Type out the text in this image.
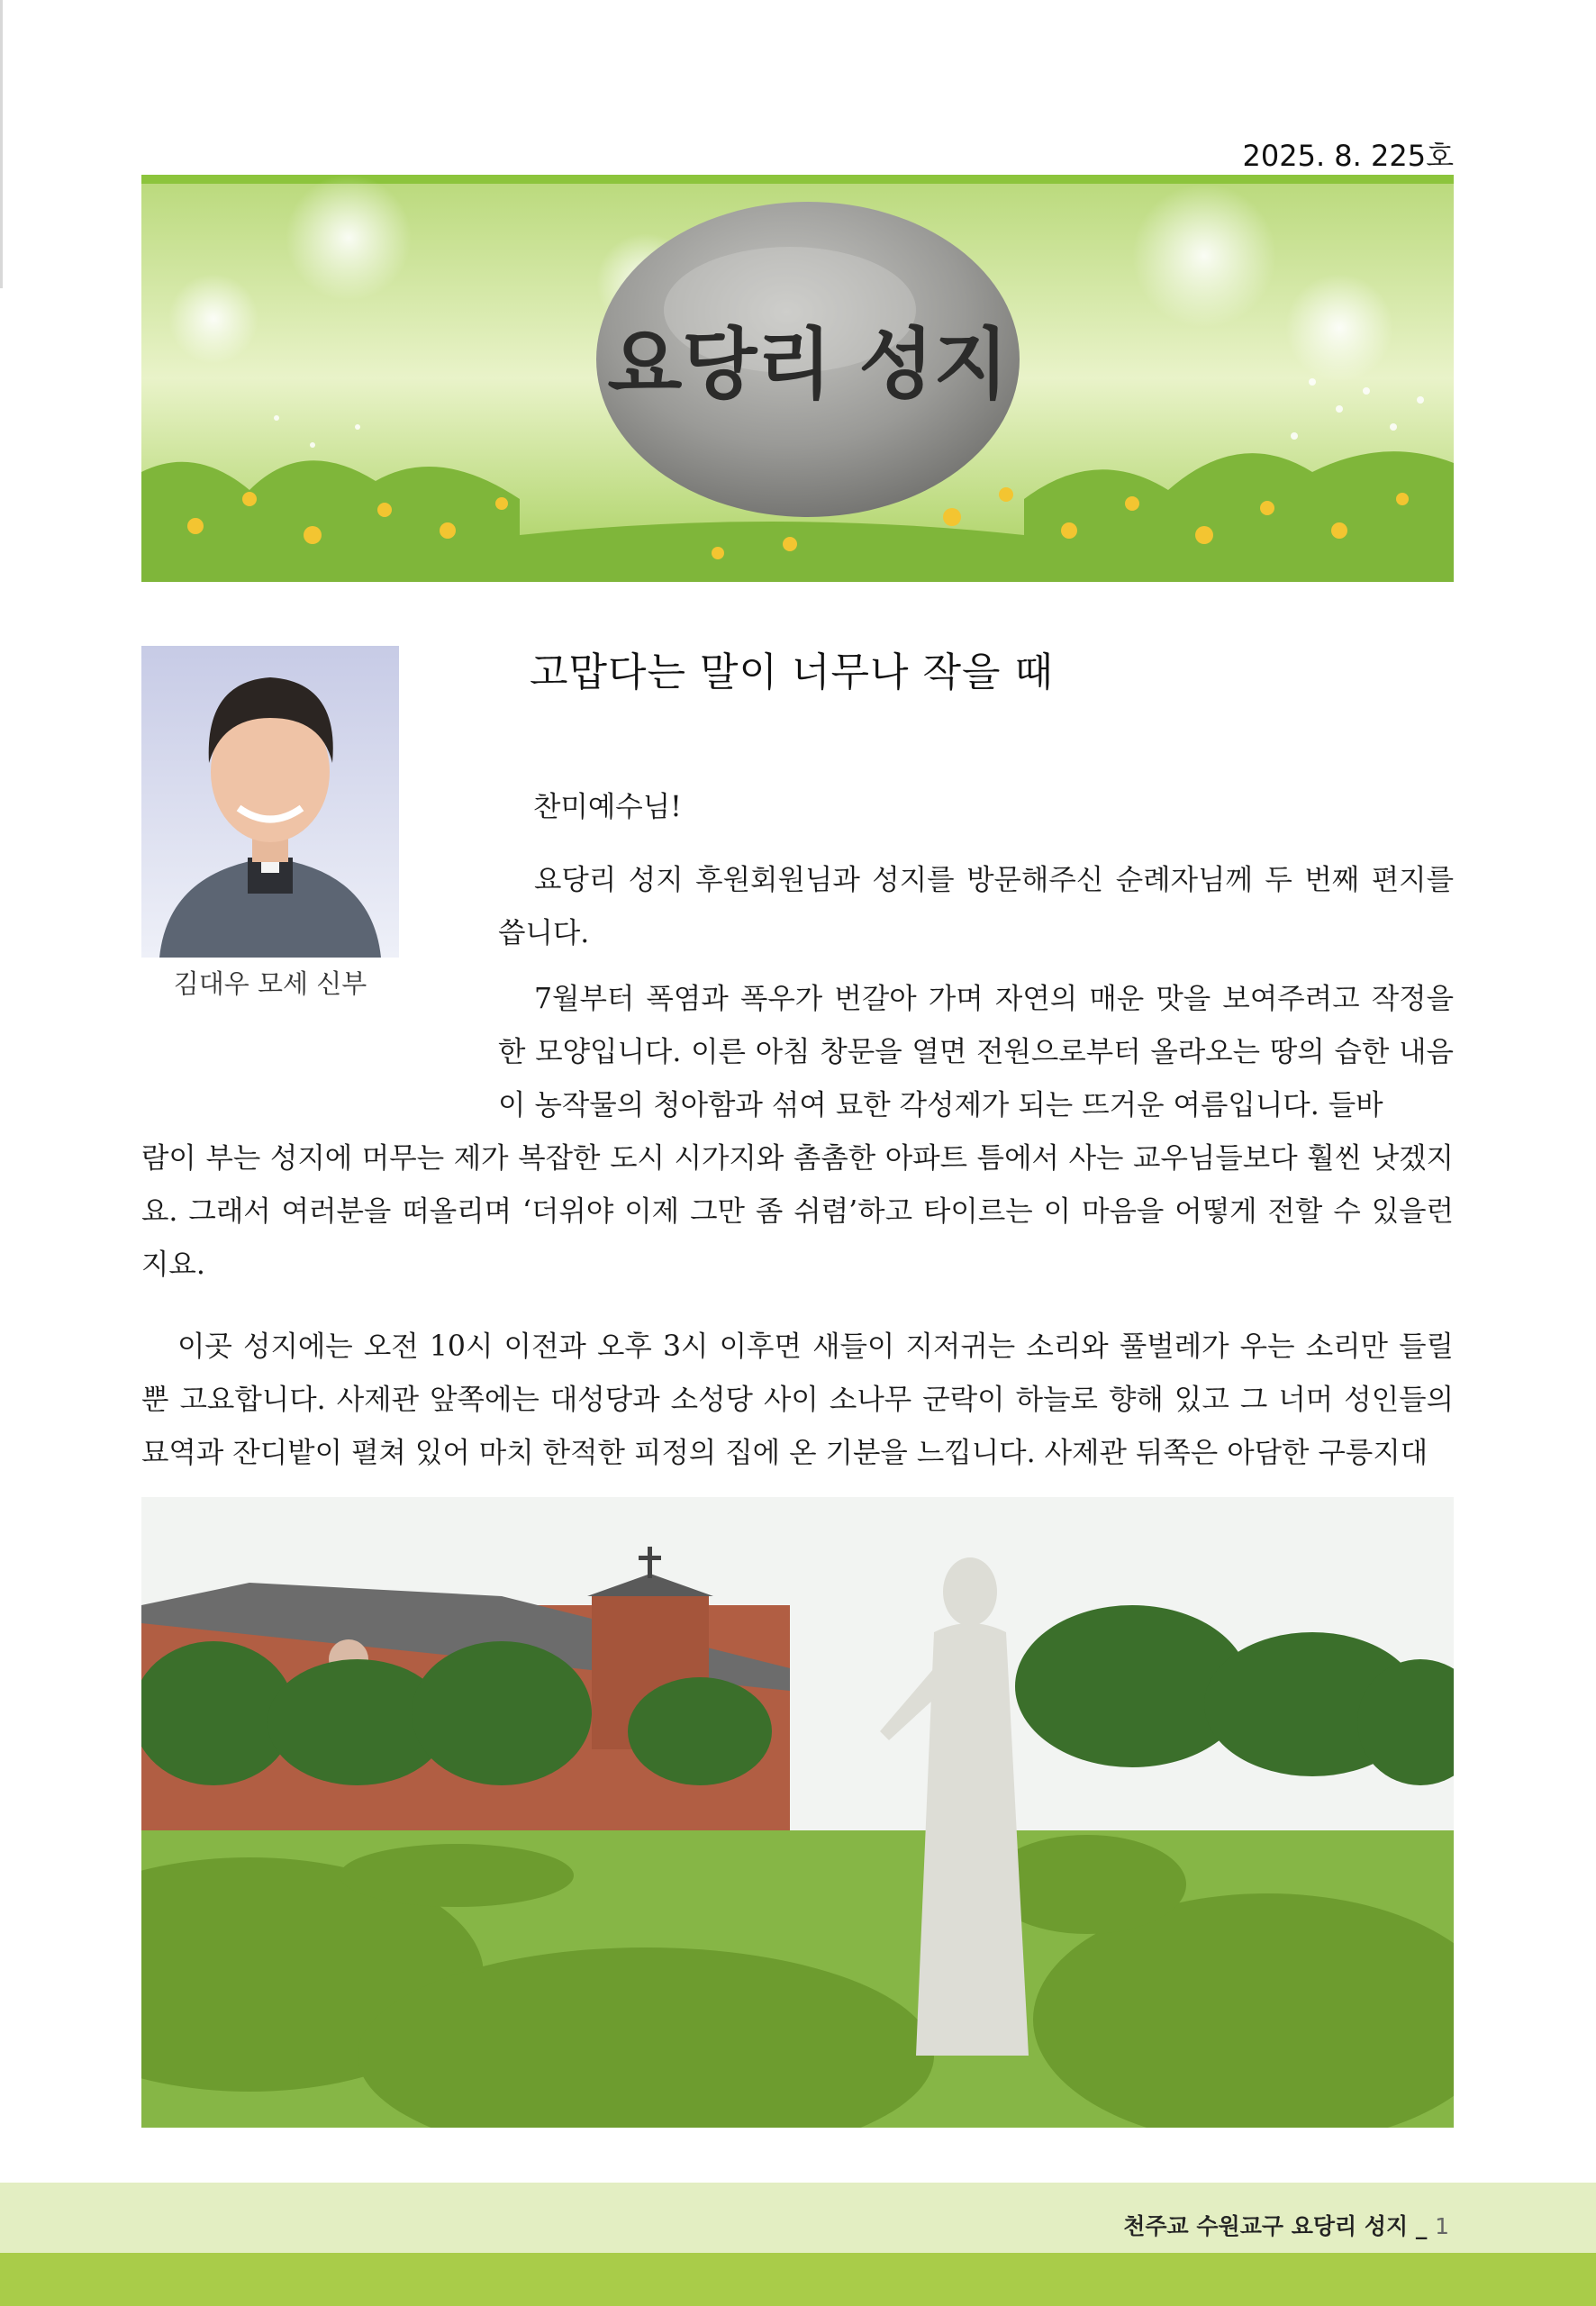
2025. 8. 225호
요당리 성지
김대우 모세 신부
고맙다는 말이 너무나 작을 때
찬미예수님!

요당리 성지 후원회원님과 성지를 방문해주신 순례자님께 두 번째 편지를 씁니다.

7월부터 폭염과 폭우가 번갈아 가며 자연의 매운 맛을 보여주려고 작정을 한 모양입니다. 이른 아침 창문을 열면 전원으로부터 올라오는 땅의 습한 내음이 농작물의 청아함과 섞여 묘한 각성제가 되는 뜨거운 여름입니다. 들바

람이 부는 성지에 머무는 제가 복잡한 도시 시가지와 촘촘한 아파트 틈에서 사는 교우님들보다 훨씬 낫겠지요. 그래서 여러분을 떠올리며 ‘더위야 이제 그만 좀 쉬렴’하고 타이르는 이 마음을 어떻게 전할 수 있을런지요.

이곳 성지에는 오전 10시 이전과 오후 3시 이후면 새들이 지저귀는 소리와 풀벌레가 우는 소리만 들릴 뿐 고요합니다. 사제관 앞쪽에는 대성당과 소성당 사이 소나무 군락이 하늘로 향해 있고 그 너머 성인들의 묘역과 잔디밭이 펼쳐 있어 마치 한적한 피정의 집에 온 기분을 느낍니다. 사제관 뒤쪽은 아담한 구릉지대

천주교 수원교구 요당리 성지 _ 1
